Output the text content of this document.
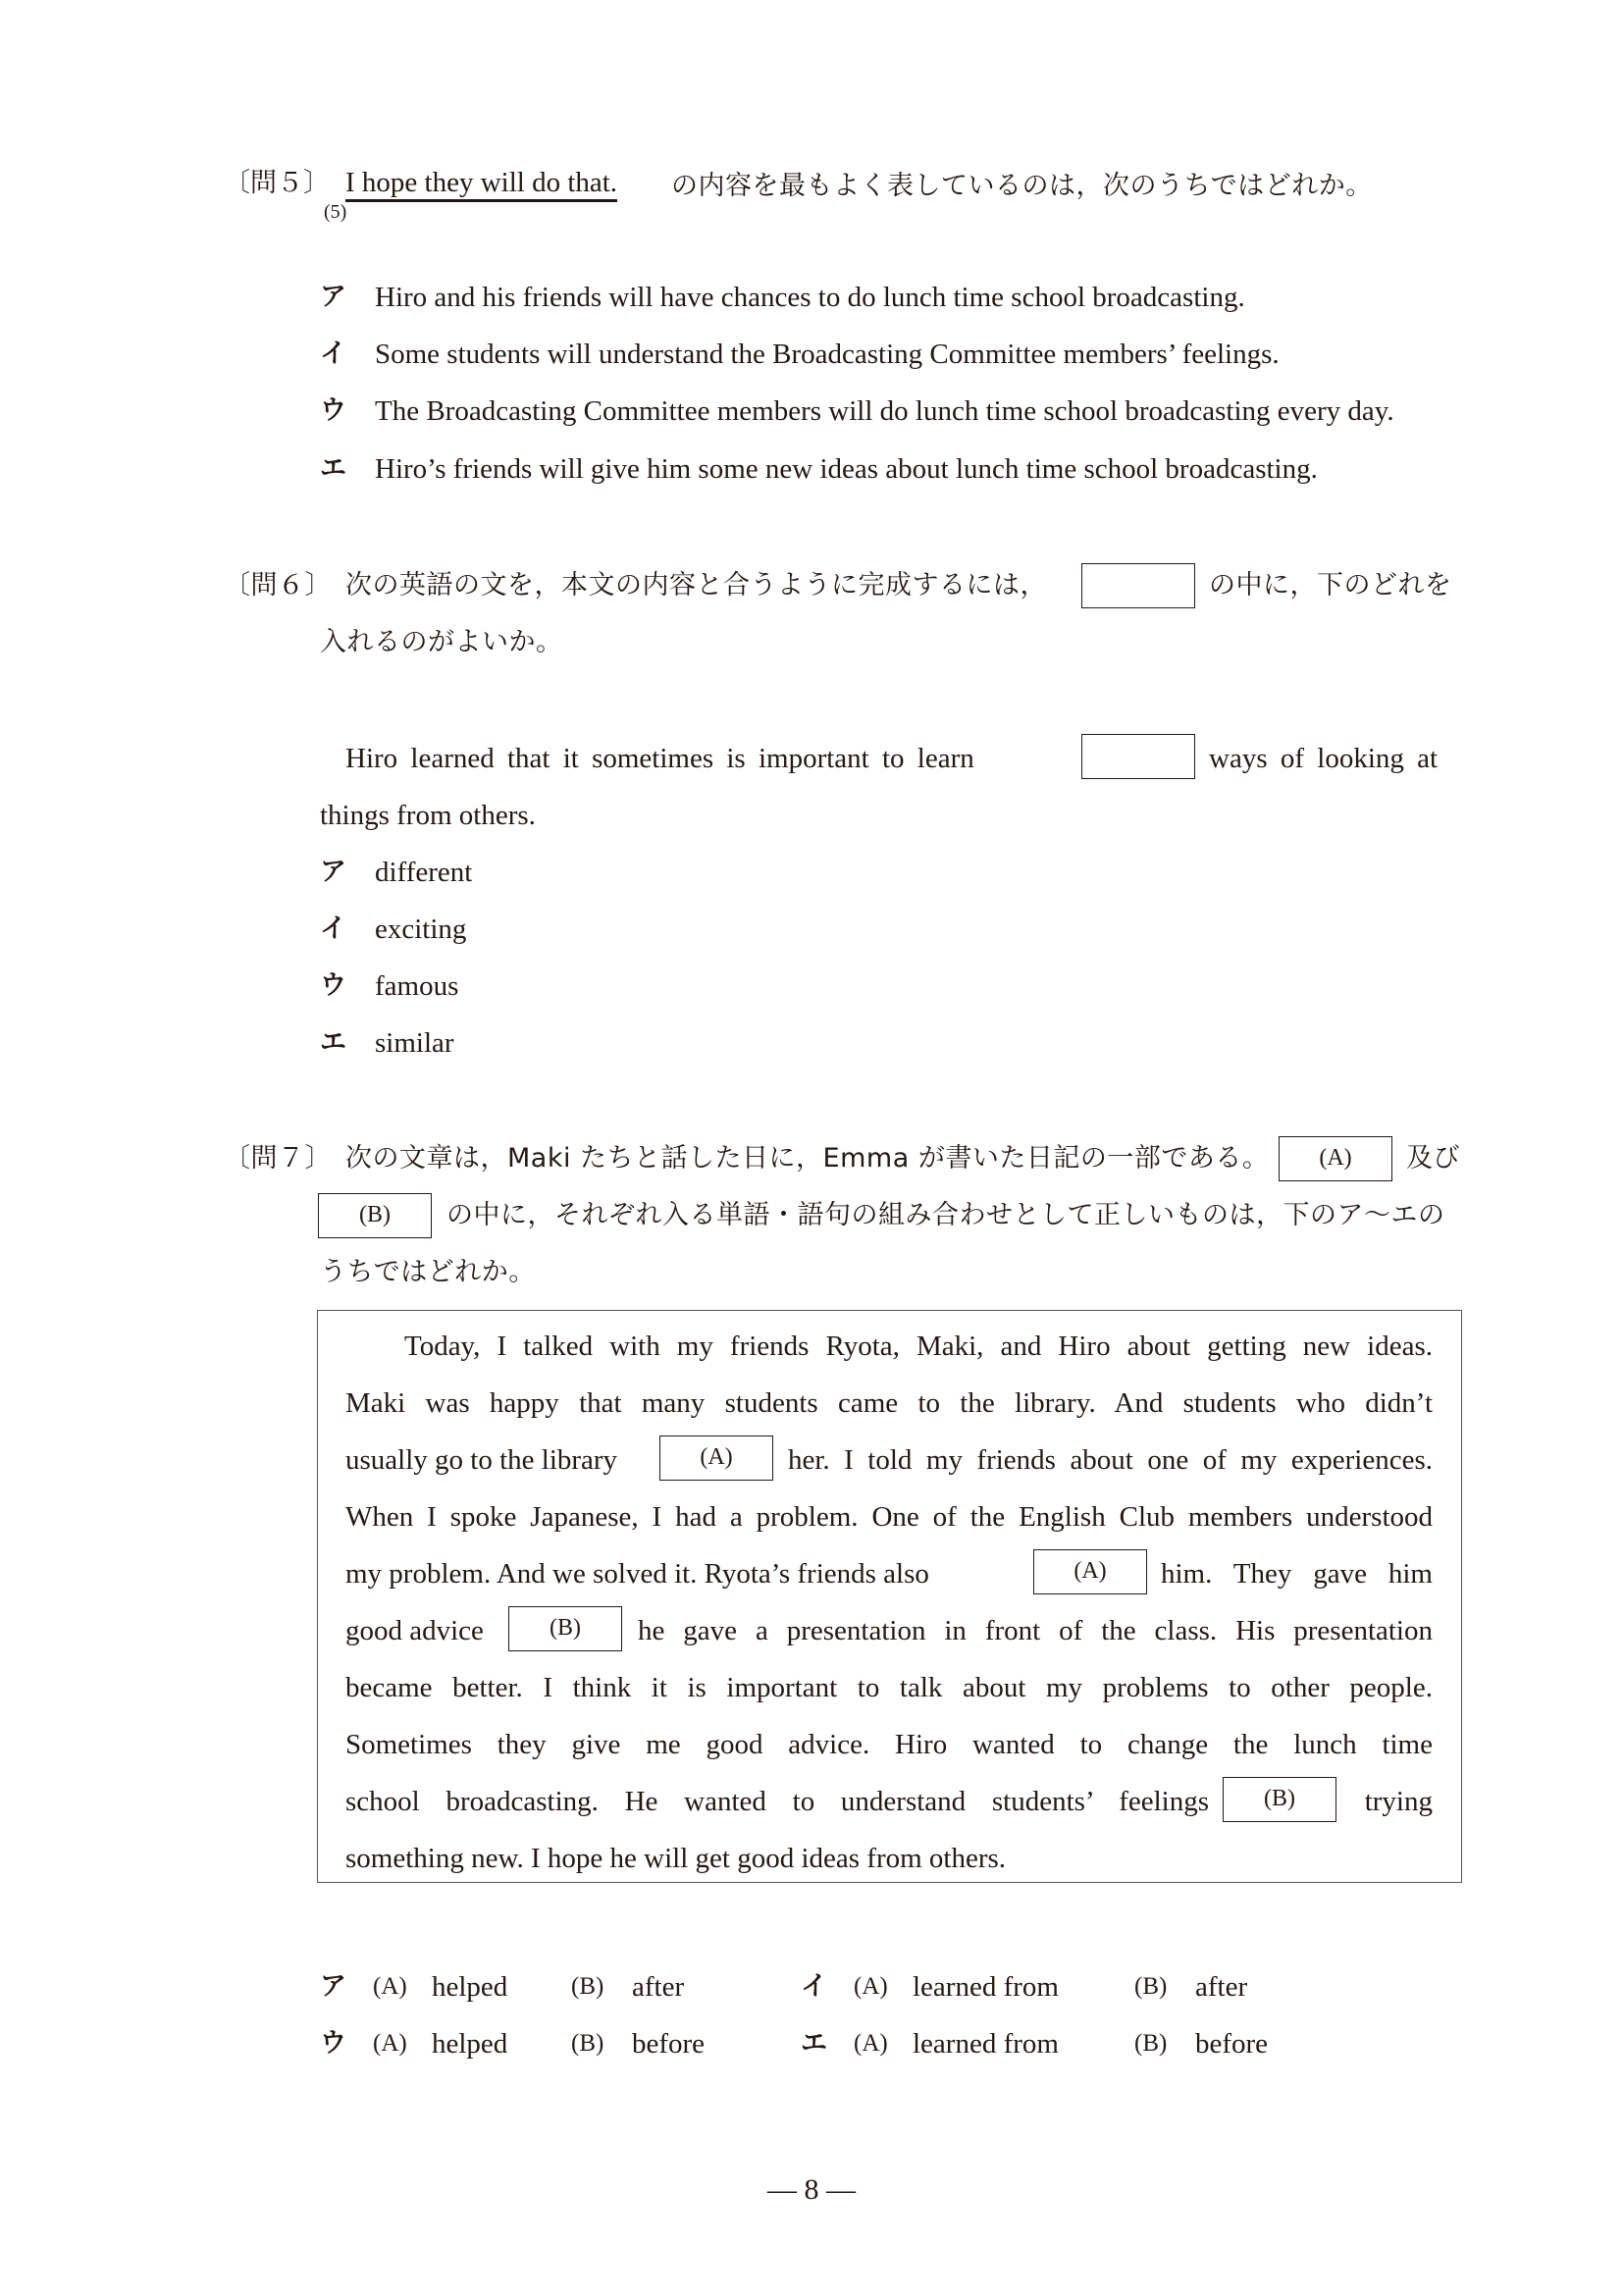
〔問５〕 I hope they will do that.
(5)
の内容を最もよく表しているのは，次のうちではどれか。
ア	Hiro and his friends will have chances to do lunch time school broadcasting.
イ	Some students will understand the Broadcasting Committee members’ feelings.
ウ	The Broadcasting Committee members will do lunch time school broadcasting every day.
エ	Hiro’s friends will give him some new ideas about lunch time school broadcasting.
〔問６〕 次の英語の文を，本文の内容と合うように完成するには，	の中に，下のどれを
入れるのがよいか。
Hiro learned that it sometimes is important to learn	ways of looking at
things from others.
ア	different
イ	exciting
ウ	famous
エ	similar
〔問７〕 次の文章は，Maki たちと話した日に，Emma が書いた日記の一部である。	(A)	及び
(B)	の中に，それぞれ入る単語・語句の組み合わせとして正しいものは，下のア～エの
うちではどれか。
Today, I talked with my friends Ryota, Maki, and Hiro about getting new ideas.
Maki was happy that many students came to the library. And students who didn’t
usually go to the library	(A)	her. I told my friends about one of my experiences.
When I spoke Japanese, I had a problem. One of the English Club members understood
my problem. And we solved it. Ryota’s friends also	(A)	him. They gave him
good advice	(B)	he gave a presentation in front of the class. His presentation
became better. I think it is important to talk about my problems to other people.
Sometimes they give me good advice. Hiro wanted to change the lunch time
school broadcasting. He wanted to understand students’ feelings	(B)	trying
something new. I hope he will get good ideas from others.
ア (A) helped	(B) after	イ (A) learned from	(B) after
ウ (A) helped	(B) before	エ (A) learned from	(B) before
— 8 —
